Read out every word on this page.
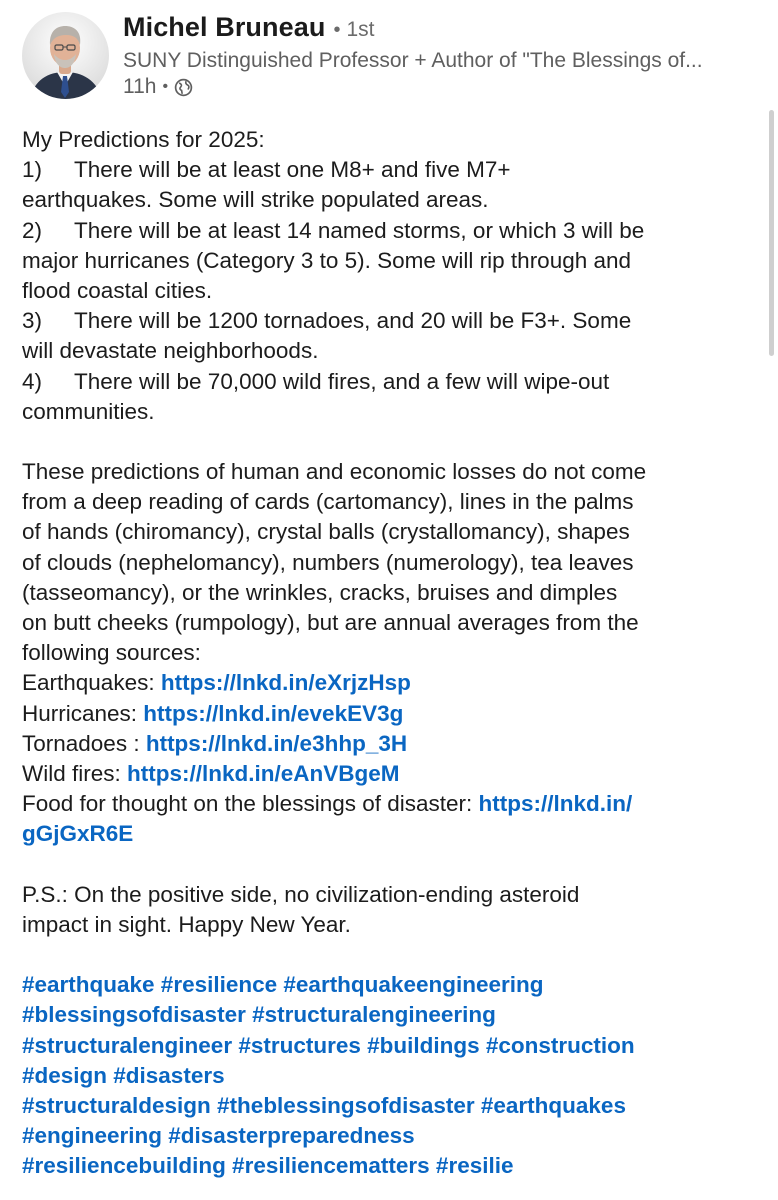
Michel Bruneau • 1st
SUNY Distinguished Professor + Author of "The Blessings of...
11h •
My Predictions for 2025:
1) There will be at least one M8+ and five M7+
earthquakes. Some will strike populated areas.
2) There will be at least 14 named storms, or which 3 will be
major hurricanes (Category 3 to 5). Some will rip through and
flood coastal cities.
3) There will be 1200 tornadoes, and 20 will be F3+. Some
will devastate neighborhoods.
4) There will be 70,000 wild fires, and a few will wipe-out
communities.
These predictions of human and economic losses do not come
from a deep reading of cards (cartomancy), lines in the palms
of hands (chiromancy), crystal balls (crystallomancy), shapes
of clouds (nephelomancy), numbers (numerology), tea leaves
(tasseomancy), or the wrinkles, cracks, bruises and dimples
on butt cheeks (rumpology), but are annual averages from the
following sources:
Earthquakes: https://lnkd.in/eXrjzHsp
Hurricanes: https://lnkd.in/evekEV3g
Tornadoes : https://lnkd.in/e3hhp_3H
Wild fires: https://lnkd.in/eAnVBgeM
Food for thought on the blessings of disaster: https://lnkd.in/
gGjGxR6E
P.S.: On the positive side, no civilization-ending asteroid
impact in sight. Happy New Year.
#earthquake #resilience #earthquakeengineering
#blessingsofdisaster #structuralengineering
#structuralengineer #structures #buildings #construction
#design #disasters
#structuraldesign #theblessingsofdisaster #earthquakes
#engineering #disasterpreparedness
#resiliencebuilding #resiliencematters #resilie
